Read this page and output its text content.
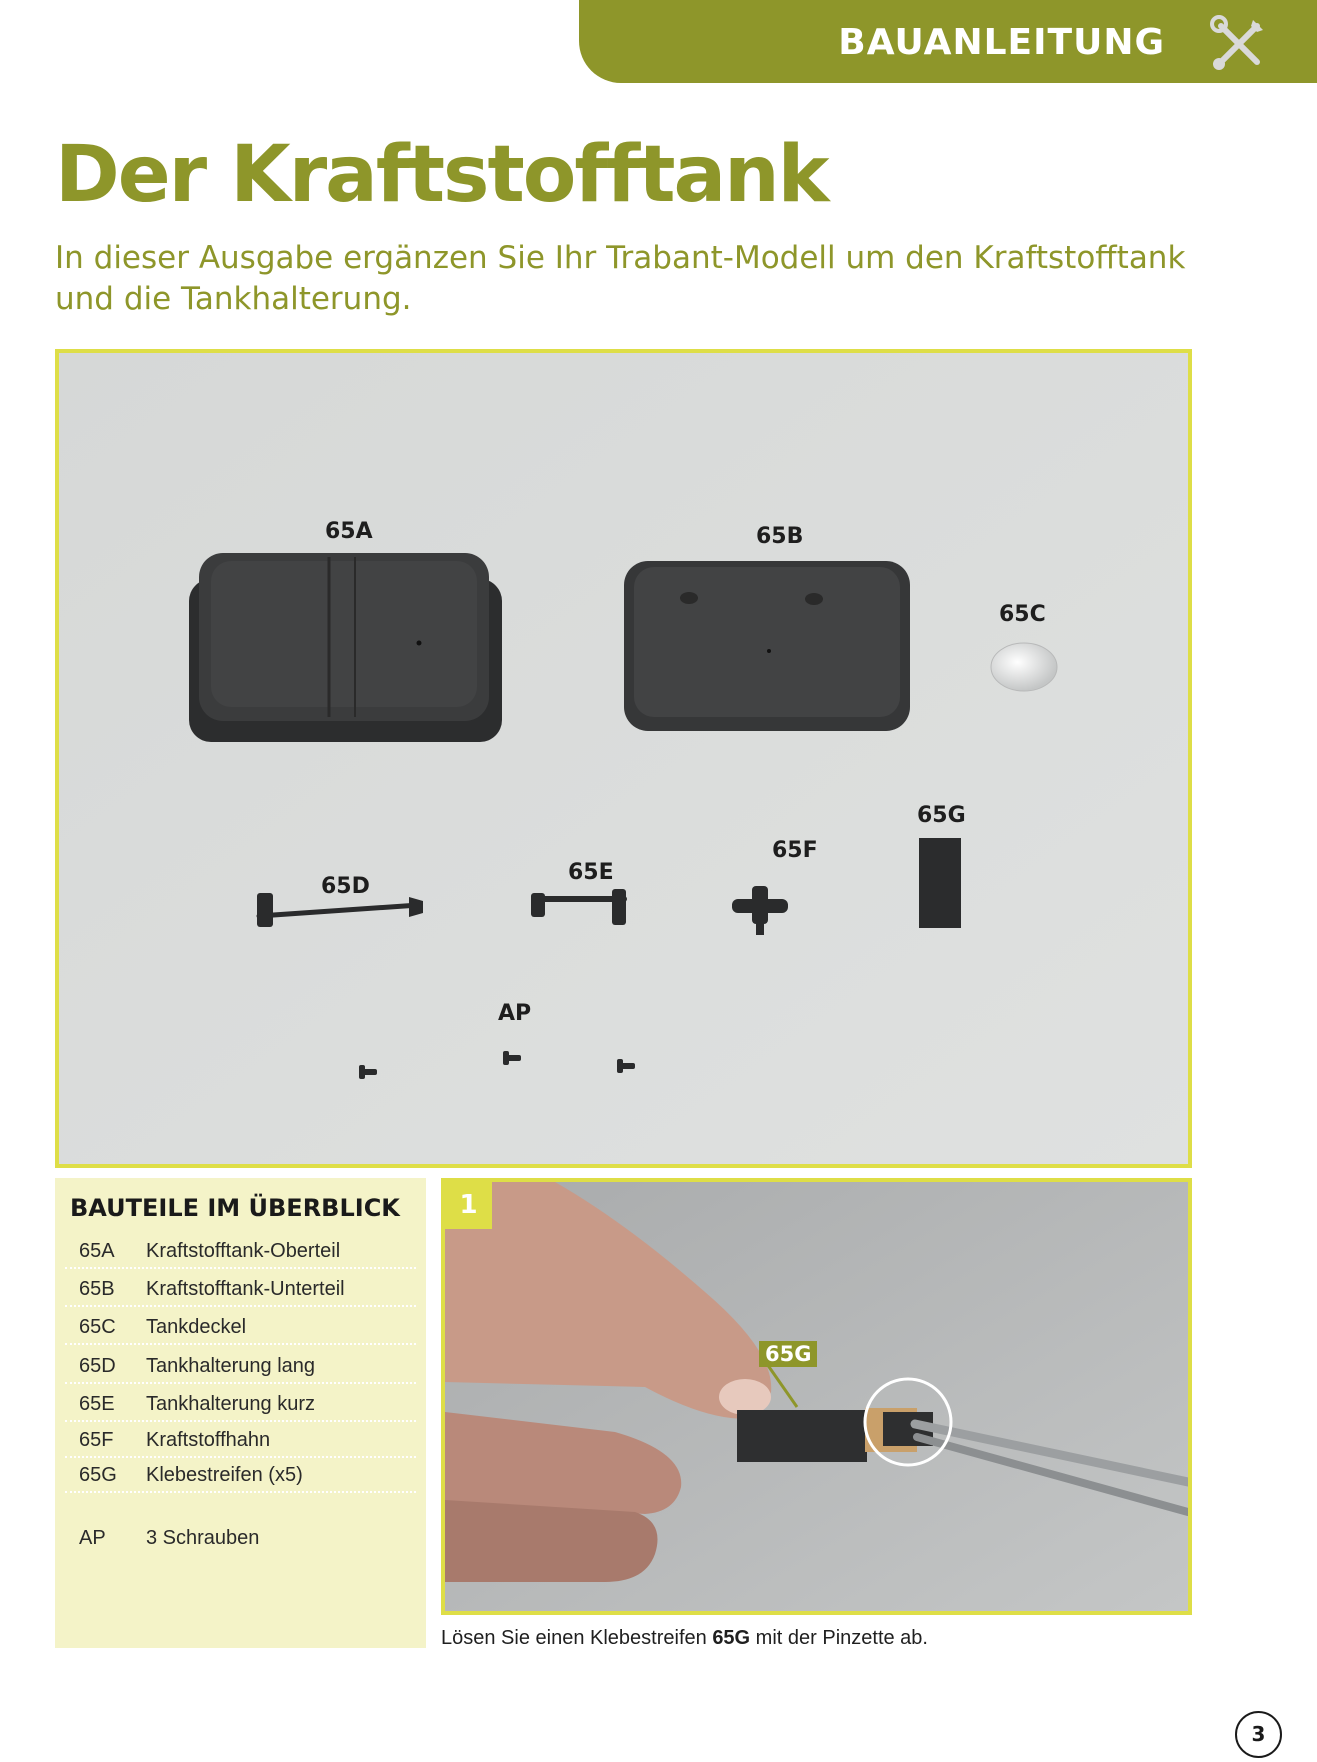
BAUANLEITUNG
Der Kraftstofftank

In dieser Ausgabe ergänzen Sie Ihr Trabant-Modell um den Kraftstofftank und die Tankhalterung.

65A	65B
65C
65D
65E
65F
65G
AP
BAUTEILE IM ÜBERBLICK
65A Kraftstofftank-Oberteil
65B Kraftstofftank-Unterteil
65C Tankdeckel
65D Tankhalterung lang
65E Tankhalterung kurz
65F Kraftstoffhahn
65G Klebestreifen (x5)
AP 3 Schrauben
1
65G

Lösen Sie einen Klebestreifen 65G mit der Pinzette ab.

3
